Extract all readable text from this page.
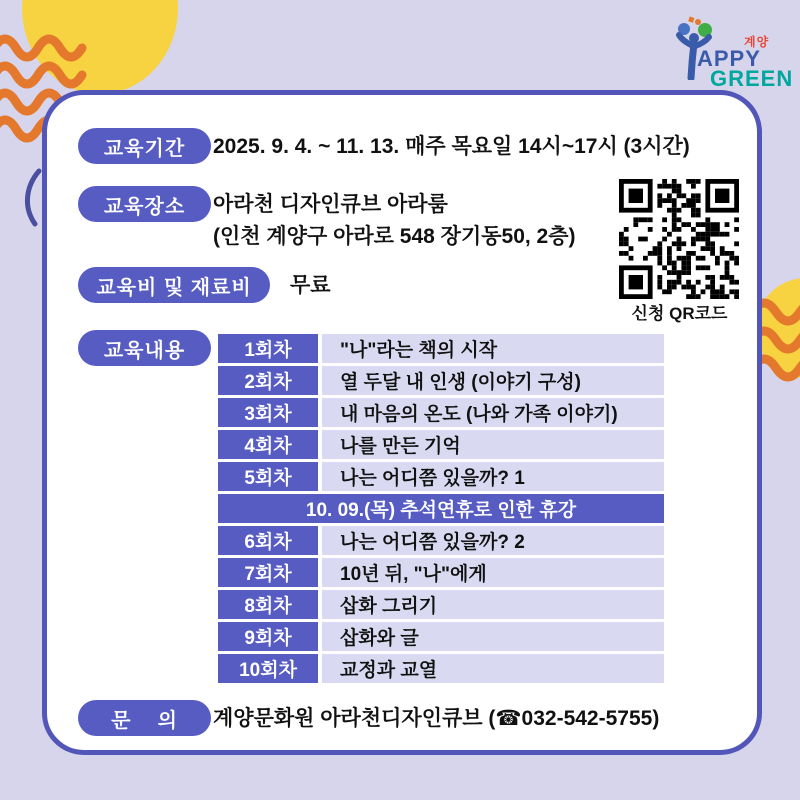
계양
APPY
GREEN
교육기간	2025. 9. 4. ~ 11. 13. 매주 목요일 14시~17시 (3시간)
교육장소	아라천 디자인큐브 아라룸
(인천 계양구 아라로 548 장기동50, 2층)
신청 QR코드
교육비 및 재료비	무료
교육내용	1회차	"나"라는 책의 시작
2회차	열 두달 내 인생 (이야기 구성)
3회차	내 마음의 온도 (나와 가족 이야기)
4회차	나를 만든 기억
5회차	나는 어디쯤 있을까? 1
10. 09.(목) 추석연휴로 인한 휴강
6회차	나는 어디쯤 있을까? 2
7회차	10년 뒤, "나"에게
8회차	삽화 그리기
9회차	삽화와 글
10회차	교정과 교열
문    의	계양문화원 아라천디자인큐브 (☎032-542-5755)
